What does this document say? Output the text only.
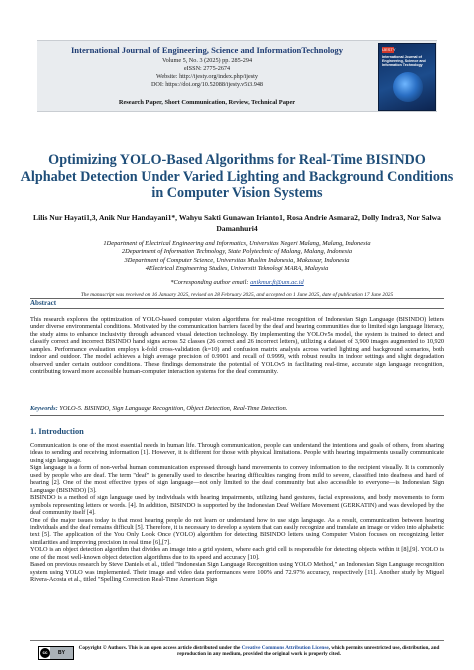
International Journal of Engineering, Science and InformationTechnology
Volume 5, No. 3 (2025) pp. 285-294
eISSN: 2775-2674
Website: http://ijesty.org/index.php/ijesty
DOI: https://doi.org/10.52088/ijesty.v5i3.948
Research Paper, Short Communication, Review, Technical Paper
IJESTY
International Journal of Engineering, Science and Information Technology
Optimizing YOLO-Based Algorithms for Real-Time BISINDO Alphabet Detection Under Varied Lighting and Background Conditions in Computer Vision Systems
Lilis Nur Hayati1,3, Anik Nur Handayani1*, Wahyu Sakti Gunawan Irianto1, Rosa Andrie Asmara2, Dolly Indra3, Nor Salwa Damanhuri4
1Department of Electrical Engineering and Informatics, Universitas Negeri Malang, Malang, Indonesia
2Department of Information Technology, State Polytechnic of Malang, Malang, Indonesia
3Department of Computer Science, Universitas Muslim Indonesia, Makassar, Indonesia
4Electrical Engineering Studies, Universiti Teknologi MARA, Malaysia
*Corresponding author email: anikmur.ft@um.ac.id
The manuscript was received on 16 January 2025, revised on 28 February 2025, and accepted on 1 June 2025, date of publication 17 June 2025
Abstract

This research explores the optimization of YOLO-based computer vision algorithms for real-time recognition of Indonesian Sign Language (BISINDO) letters under diverse environmental conditions. Motivated by the communication barriers faced by the deaf and hearing communities due to limited sign language literacy, the study aims to enhance inclusivity through advanced visual detection technology. By implementing the YOLOv5s model, the system is trained to detect and classify correct and incorrect BISINDO hand signs across 52 classes (26 correct and 26 incorrect letters), utilizing a dataset of 3,900 images augmented to 10,920 samples. Performance evaluation employs k-fold cross-validation (k=10) and confusion matrix analysis across varied lighting and background scenarios, both indoor and outdoor. The model achieves a high average precision of 0.9901 and recall of 0.9999, with robust results in indoor settings and slight degradation observed under certain outdoor conditions. These findings demonstrate the potential of YOLOv5 in facilitating real-time, accurate sign language recognition, contributing toward more accessible human-computer interaction systems for the deaf community.

Keywords: YOLO-5. BISINDO, Sign Language Recognition, Object Detection, Real-Time Detection.
1. Introduction

Communication is one of the most essential needs in human life. Through communication, people can understand the intentions and goals of others, from sharing ideas to sending and receiving information [1]. However, it is different for those with physical limitations. People with hearing impairments usually communicate using sign language.
Sign language is a form of non-verbal human communication expressed through hand movements to convey information to the recipient visually. It is commonly used by people who are deaf. The term "deaf" is generally used to describe hearing difficulties ranging from mild to severe, classified into deafness and hard of hearing [2]. One of the most effective types of sign language—not only limited to the deaf community but also accessible to everyone—is Indonesian Sign Language (BISINDO) [3].
BISINDO is a method of sign language used by individuals with hearing impairments, utilizing hand gestures, facial expressions, and body movements to form symbols representing letters or words. [4]. In addition, BISINDO is supported by the Indonesian Deaf Welfare Movement (GERKATIN) and was developed by the deaf community itself [4].
One of the major issues today is that most hearing people do not learn or understand how to use sign language. As a result, communication between hearing individuals and the deaf remains difficult [5]. Therefore, it is necessary to develop a system that can easily recognize and translate an image or video into alphabetic text [5]. The application of the You Only Look Once (YOLO) algorithm for detecting BISINDO letters using Computer Vision focuses on recognizing letter similarities and improving precision in real time [6],[7].
YOLO is an object detection algorithm that divides an image into a grid system, where each grid cell is responsible for detecting objects within it [8],[9]. YOLO is one of the most well-known object detection algorithms due to its speed and accuracy [10].
Based on previous research by Steve Daniels et al., titled "Indonesian Sign Language Recognition using YOLO Method," an Indonesian Sign Language recognition system using YOLO was implemented. Their image and video data performances were 100% and 72.97% accuracy, respectively [11]. Another study by Miguel Rivera-Acosta et al., titled "Spelling Correction Real-Time American Sign

cc	BY
Copyright © Authors. This is an open access article distributed under the Creative Commons Attribution License, which permits unrestricted use, distribution, and reproduction in any medium, provided the original work is properly cited.
